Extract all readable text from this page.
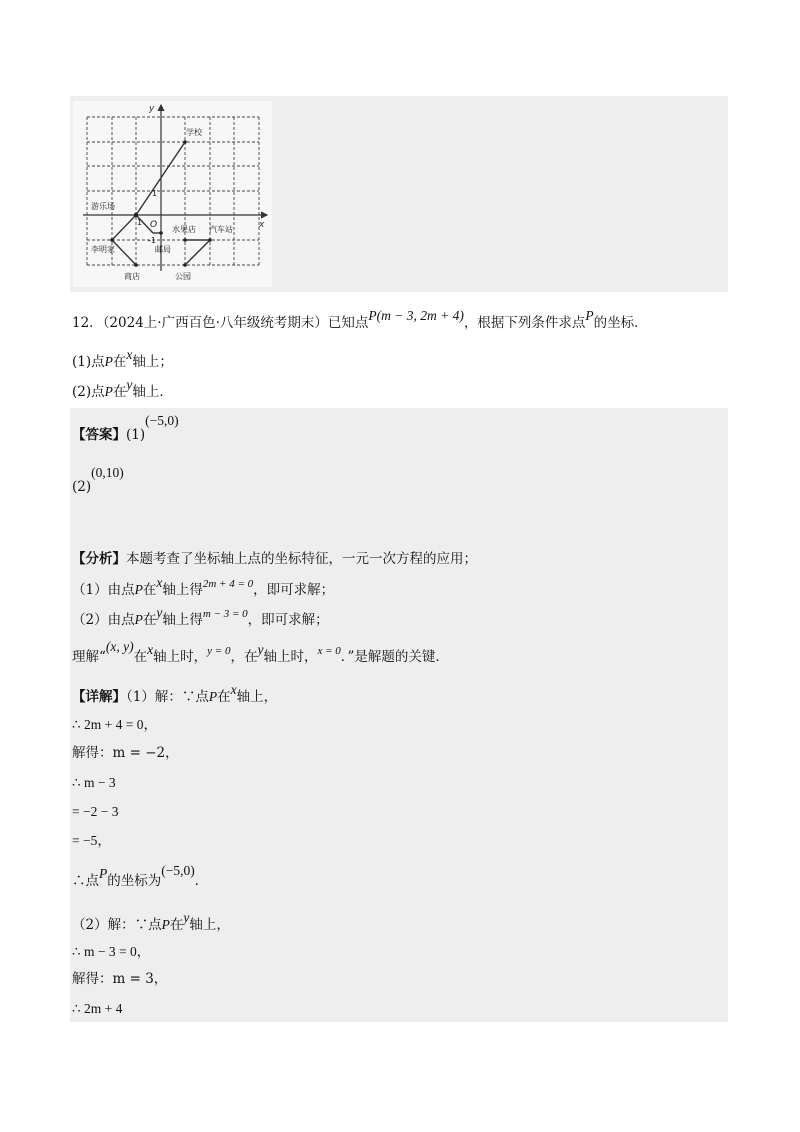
y
x
O
1
1
-1
学校
游乐场
水果店 汽车站
李明家	邮局
商店	公园
12．（2024上·广西百色·八年级统考期末）已知点P(m − 3, 2m + 4)，根据下列条件求点P的坐标．
(1)点P在x轴上；
(2)点P在y轴上．
【答案】(1)(−5,0)
(2)(0,10)
【分析】本题考查了坐标轴上点的坐标特征，一元一次方程的应用；
（1）由点P在x轴上得$^{2m + 4 = 0}$，即可求解；
（2）由点P在y轴上得$^{m - 3 = 0}$，即可求解；
理解“(x, y)在x轴上时，$^{y = 0}$，在y轴上时，$^{x = 0}$．”是解题的关键．
【详解】（1）解：∵点P在x轴上，
∴ 2m + 4 = 0，
解得：m = −2，
∴ m − 3
= −2 − 3
= −5，
∴点P的坐标为(−5,0)．
（2）解：∵点P在y轴上，
∴ m − 3 = 0，
解得：m = 3，
∴ 2m + 4
